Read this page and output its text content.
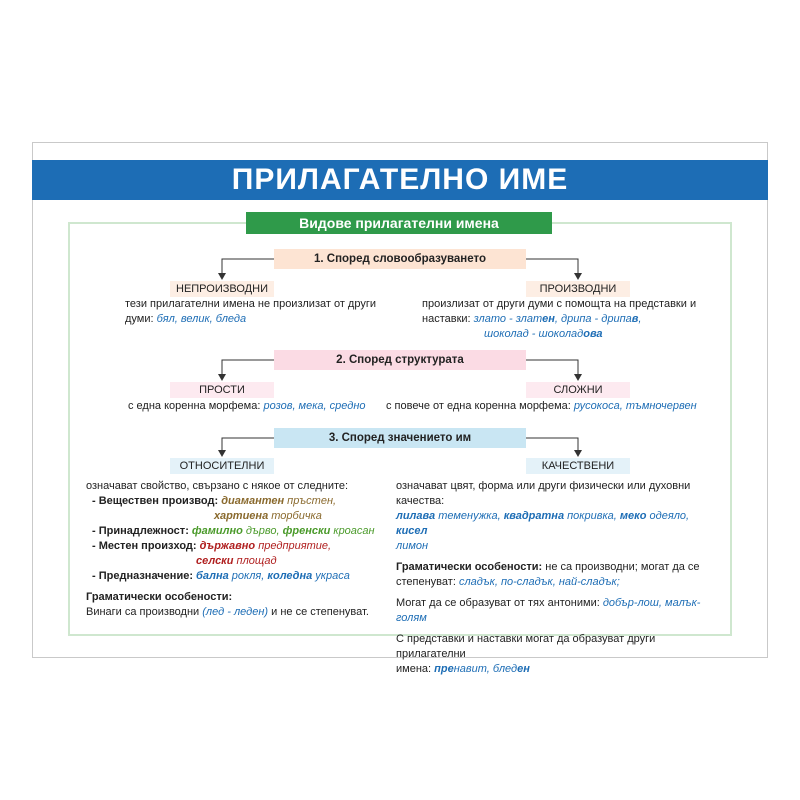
ПРИЛАГАТЕЛНО ИМЕ
Видове прилагателни имена
1. Според словообразуването
НЕПРОИЗВОДНИ	ПРОИЗВОДНИ
тези прилагателни имена не произлизат от други
думи: бял, велик, бледа
произлизат от други думи с помощта на представки и
наставки: злато - златен, дрипа - дрипав,
шоколад - шоколадова
2. Според структурата
ПРОСТИ	СЛОЖНИ
с една коренна морфема: розов, мека, средно	с повече от една коренна морфема: русокоса, тъмночервен
3. Според значението им
ОТНОСИТЕЛНИ	КАЧЕСТВЕНИ
означават свойство, свързано с някое от следните:
- Веществен производ: диамантен пръстен,
хартиена торбичка
- Принадлежност: фамилно дърво, френски кроасан
- Местен произход: държавно предприятие,
селски площад
- Предназначение: бална рокля, коледна украса
Граматически особености:
Винаги са производни (лед - леден) и не се степенуват.
означават цвят, форма или други физически или духовни
качества:
лилава теменужка, квадратна покривка, меко одеяло, кисел
лимон
Граматически особености: не са производни; могат да се
степенуват: сладък, по-сладък, най-сладък;
Могат да се образуват от тях антоними: добър-лош, малък-голям
С представки и наставки могат да образуват други прилагателни
имена: пренавит, бледен
